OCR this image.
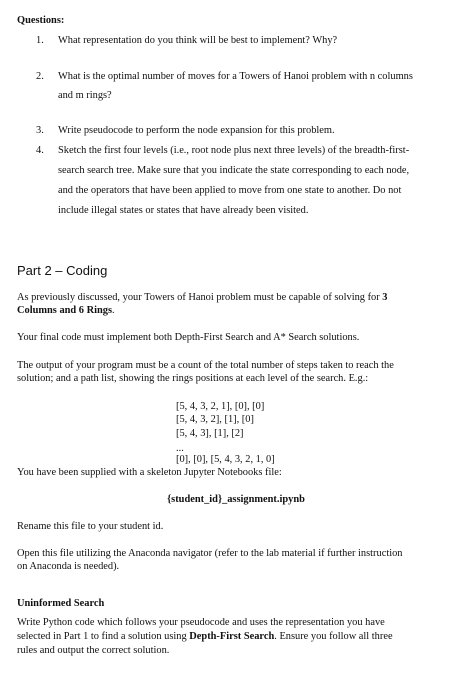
Questions:
1. What representation do you think will be best to implement? Why?
2. What is the optimal number of moves for a Towers of Hanoi problem with n columns
and m rings?
3. Write pseudocode to perform the node expansion for this problem.
4. Sketch the first four levels (i.e., root node plus next three levels) of the breadth-first-
search search tree. Make sure that you indicate the state corresponding to each node,
and the operators that have been applied to move from one state to another. Do not
include illegal states or states that have already been visited.
Part 2 – Coding
As previously discussed, your Towers of Hanoi problem must be capable of solving for 3
Columns and 6 Rings.
Your final code must implement both Depth-First Search and A* Search solutions.
The output of your program must be a count of the total number of steps taken to reach the
solution; and a path list, showing the rings positions at each level of the search. E.g.:
[5, 4, 3, 2, 1], [0], [0]
[5, 4, 3, 2], [1], [0]
[5, 4, 3], [1], [2]
...
[0], [0], [5, 4, 3, 2, 1, 0]
You have been supplied with a skeleton Jupyter Notebooks file:
{student_id}_assignment.ipynb
Rename this file to your student id.
Open this file utilizing the Anaconda navigator (refer to the lab material if further instruction
on Anaconda is needed).
Uninformed Search
Write Python code which follows your pseudocode and uses the representation you have
selected in Part 1 to find a solution using Depth-First Search. Ensure you follow all three
rules and output the correct solution.
